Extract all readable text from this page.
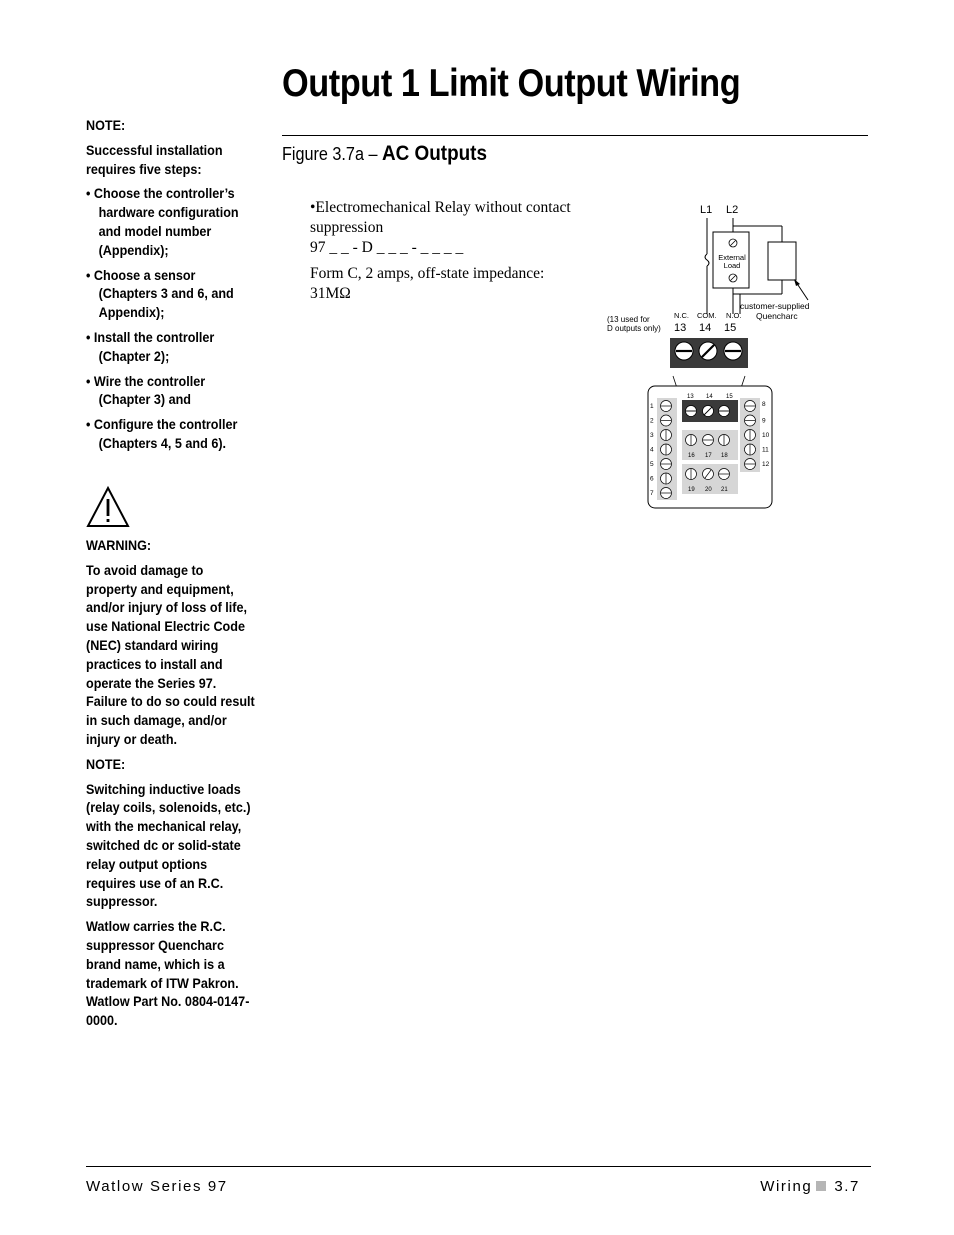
Output 1 Limit Output Wiring
Figure 3.7a – AC Outputs

NOTE:

Successful installation requires five steps:

• Choose the controller’s hardware configuration and model number (Appendix);
• Choose a sensor (Chapters 3 and 6, and Appendix);
• Install the controller (Chapter 2);
• Wire the controller (Chapter 3) and
• Configure the controller (Chapters 4, 5 and 6).

WARNING:

To avoid damage to property and equipment, and/or injury of loss of life, use National Electric Code (NEC) standard wiring practices to install and operate the Series 97. Failure to do so could result in such damage, and/or injury or death.

NOTE:

Switching inductive loads (relay coils, solenoids, etc.) with the mechanical relay, switched dc or solid-state relay output options requires use of an R.C. suppressor.

Watlow carries the R.C. suppressor Quencharc brand name, which is a trademark of ITW Pakron. Watlow Part No. 0804-0147-0000.

•Electromechanical Relay without contact suppression

97 _ _ - D _ _ _ - _ _ _ _

Form C, 2 amps, off-state impedance: 31MΩ

L1 L2
External
Load
customer-supplied
Quencharc
(13 used for
D outputs only)
N.C. COM. N.O.
13 14 15
1
2
3
4
5
6
7
8
9
10
11
12
13 14 15
16 17 18
19 20 21
Watlow Series 97	Wiring 3.7
